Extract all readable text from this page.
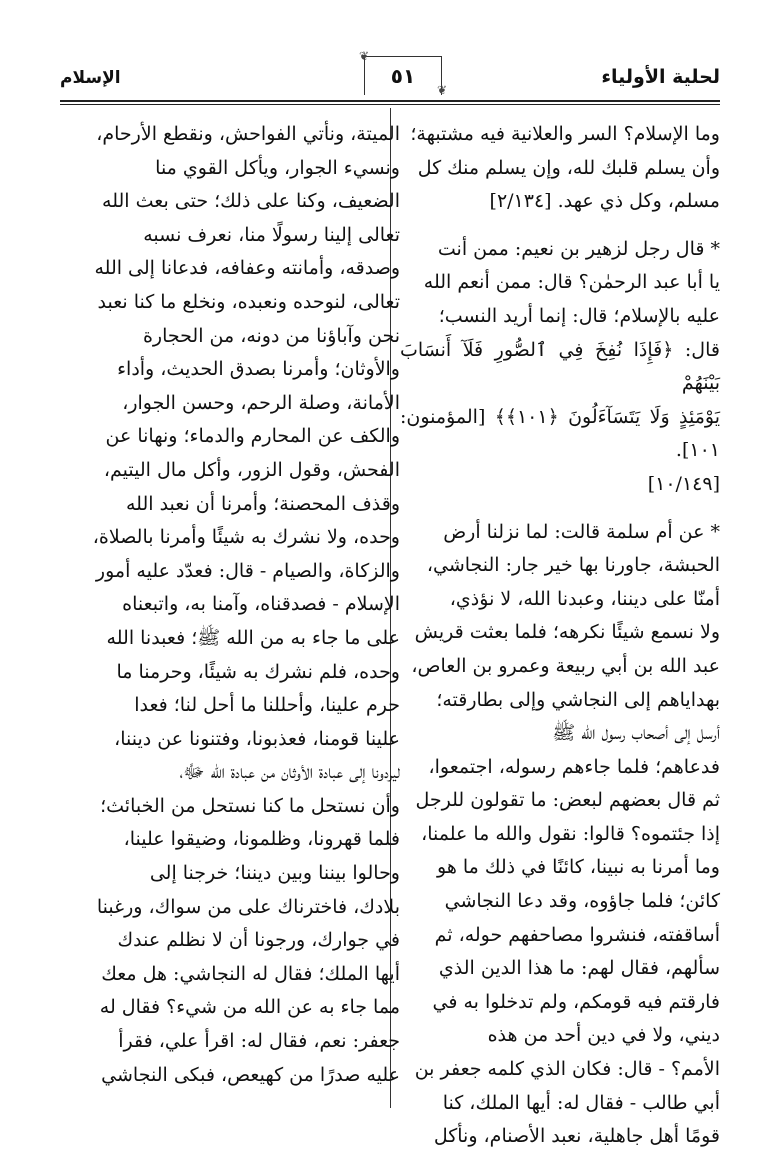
الإسلام
❦
٥١
❦
لحلية الأولياء

وما الإسلام؟ السر والعلانية فيه مشتبهة؛
وأن يسلم قلبك لله، وإن يسلم منك كل
مسلم، وكل ذي عهد. [٢/١٣٤]

* قال رجل لزهير بن نعيم: ممن أنت
يا أبا عبد الرحمٰن؟ قال: ممن أنعم الله
عليه بالإسلام؛ قال: إنما أريد النسب؛
قال: ﴿فَإِذَا نُفِخَ فِي ٱلصُّورِ فَلَآ أَنسَابَ بَيْنَهُمْ
يَوْمَئِذٍ وَلَا يَتَسَآءَلُونَ ﴿١٠١﴾﴾ [المؤمنون: ١٠١].
[١٠/١٤٩]

* عن أم سلمة قالت: لما نزلنا أرض
الحبشة، جاورنا بها خير جار: النجاشي،
أمنّا على ديننا، وعبدنا الله، لا نؤذي،
ولا نسمع شيئًا نكرهه؛ فلما بعثت قريش
عبد الله بن أبي ربيعة وعمرو بن العاص،
بهداياهم إلى النجاشي وإلى بطارقته؛
أرسل إلى أصحاب رسول الله ﷺ
فدعاهم؛ فلما جاءهم رسوله، اجتمعوا،
ثم قال بعضهم لبعض: ما تقولون للرجل
إذا جئتموه؟ قالوا: نقول والله ما علمنا،
وما أمرنا به نبينا، كائنًا في ذلك ما هو
كائن؛ فلما جاؤوه، وقد دعا النجاشي
أساقفته، فنشروا مصاحفهم حوله، ثم
سألهم، فقال لهم: ما هذا الدين الذي
فارقتم فيه قومكم، ولم تدخلوا به في
ديني، ولا في دين أحد من هذه
الأمم؟ - قال: فكان الذي كلمه جعفر بن
أبي طالب - فقال له: أيها الملك، كنا
قومًا أهل جاهلية، نعبد الأصنام، ونأكل

الميتة، ونأتي الفواحش، ونقطع الأرحام،
ونسيء الجوار، ويأكل القوي منا
الضعيف، وكنا على ذلك؛ حتى بعث الله
تعالى إلينا رسولًا منا، نعرف نسبه
وصدقه، وأمانته وعفافه، فدعانا إلى الله
تعالى، لنوحده ونعبده، ونخلع ما كنا نعبد
نحن وآباؤنا من دونه، من الحجارة
والأوثان؛ وأمرنا بصدق الحديث، وأداء
الأمانة، وصلة الرحم، وحسن الجوار،
والكف عن المحارم والدماء؛ ونهانا عن
الفحش، وقول الزور، وأكل مال اليتيم،
وقذف المحصنة؛ وأمرنا أن نعبد الله
وحده، ولا نشرك به شيئًا وأمرنا بالصلاة،
والزكاة، والصيام - قال: فعدّد عليه أمور
الإسلام - فصدقناه، وآمنا به، واتبعناه
على ما جاء به من الله ﷺ؛ فعبدنا الله
وحده، فلم نشرك به شيئًا، وحرمنا ما
حرم علينا، وأحللنا ما أحل لنا؛ فعدا
علينا قومنا، فعذبونا، وفتنونا عن ديننا،
ليردونا إلى عبادة الأوثان من عبادة الله ﷻ،
وأن نستحل ما كنا نستحل من الخبائث؛
فلما قهرونا، وظلمونا، وضيقوا علينا،
وحالوا بيننا وبين ديننا؛ خرجنا إلى
بلادك، فاخترناك على من سواك، ورغبنا
في جوارك، ورجونا أن لا نظلم عندك
أيها الملك؛ فقال له النجاشي: هل معك
مما جاء به عن الله من شيء؟ فقال له
جعفر: نعم، فقال له: اقرأ علي، فقرأ
عليه صدرًا من كهيعص، فبكى النجاشي
